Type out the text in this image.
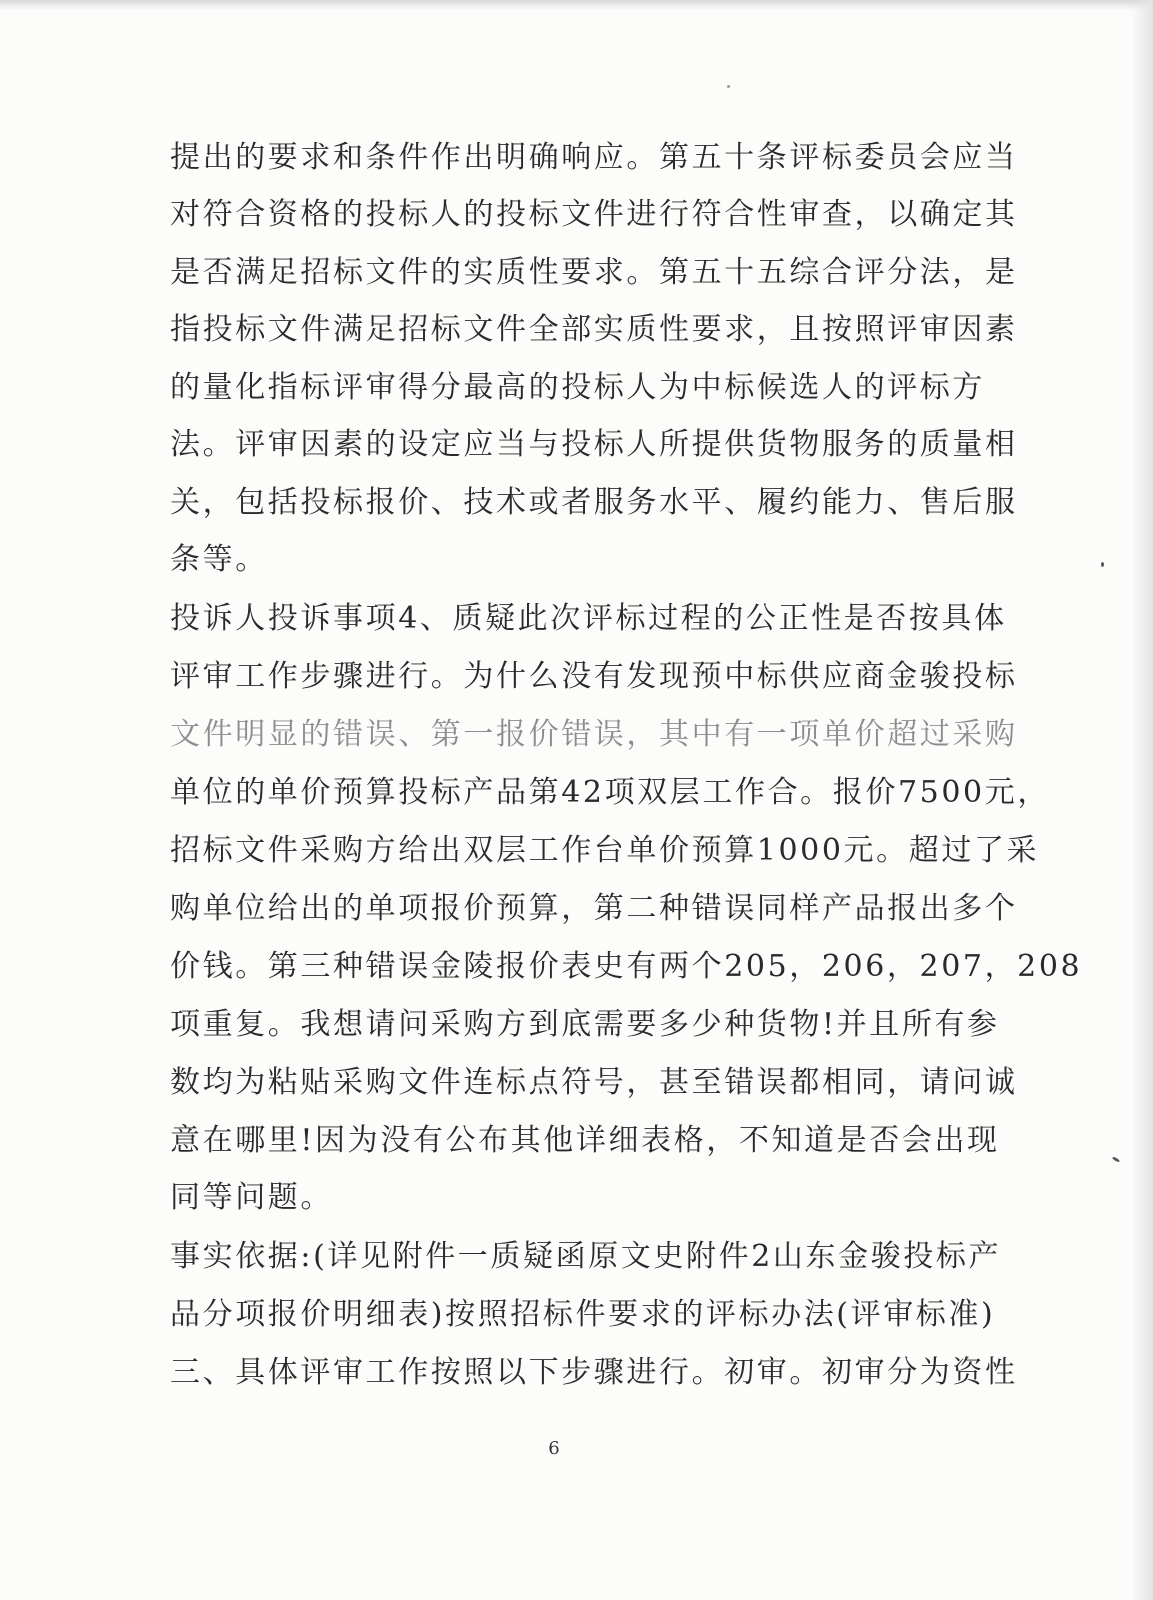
提出的要求和条件作出明确响应。第五十条评标委员会应当
对符合资格的投标人的投标文件进行符合性审查，以确定其
是否满足招标文件的实质性要求。第五十五综合评分法，是
指投标文件满足招标文件全部实质性要求，且按照评审因素
的量化指标评审得分最高的投标人为中标候选人的评标方
法。评审因素的设定应当与投标人所提供货物服务的质量相
关，包括投标报价、技术或者服务水平、履约能力、售后服
条等。
投诉人投诉事项4、质疑此次评标过程的公正性是否按具体
评审工作步骤进行。为什么没有发现预中标供应商金骏投标
文件明显的错误、第一报价错误，其中有一项单价超过采购
单位的单价预算投标产品第42项双层工作合。报价7500元，
招标文件采购方给出双层工作台单价预算1000元。超过了采
购单位给出的单项报价预算，第二种错误同样产品报出多个
价钱。第三种错误金陵报价表史有两个205，206，207，208
项重复。我想请问采购方到底需要多少种货物!并且所有参
数均为粘贴采购文件连标点符号，甚至错误都相同，请问诚
意在哪里!因为没有公布其他详细表格，不知道是否会出现
同等问题。
事实依据:(详见附件一质疑函原文史附件2山东金骏投标产
品分项报价明细表)按照招标件要求的评标办法(评审标准)
三、具体评审工作按照以下步骤进行。初审。初审分为资性
6
